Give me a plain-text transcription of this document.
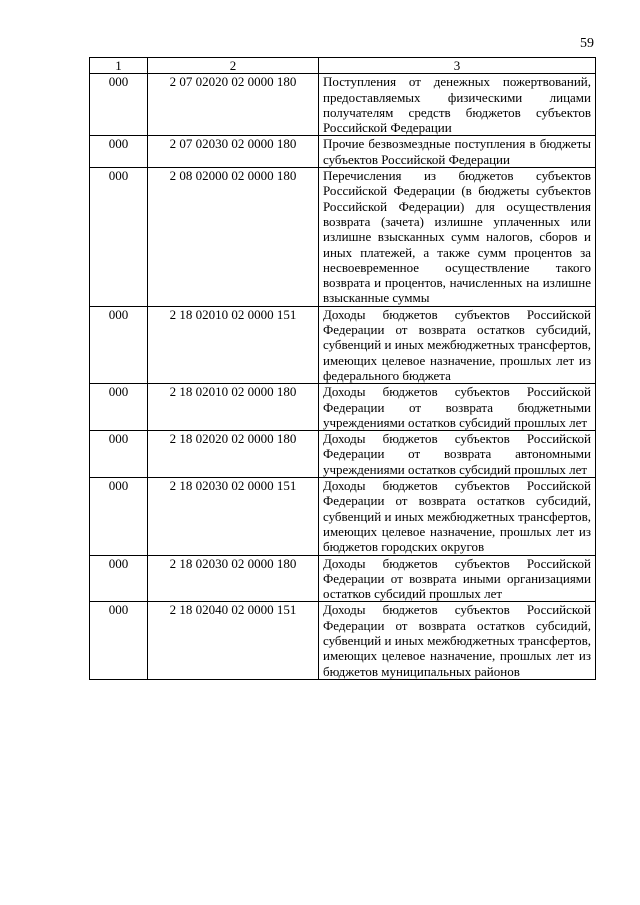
59
1	2	3
000	2 07 02020 02 0000 180	Поступления от денежных пожертвований, предоставляемых физическими лицами получателям средств бюджетов субъектов Российской Федерации
000	2 07 02030 02 0000 180	Прочие безвозмездные поступления в бюджеты субъектов Российской Федерации
000	2 08 02000 02 0000 180	Перечисления из бюджетов субъектов Российской Федерации (в бюджеты субъектов Российской Федерации) для осуществления возврата (зачета) излишне уплаченных или излишне взысканных сумм налогов, сборов и иных платежей, а также сумм процентов за несвоевременное осуществление такого возврата и процентов, начисленных на излишне взысканные суммы
000	2 18 02010 02 0000 151	Доходы бюджетов субъектов Российской Федерации от возврата остатков субсидий, субвенций и иных межбюджетных трансфертов, имеющих целевое назначение, прошлых лет из федерального бюджета
000	2 18 02010 02 0000 180	Доходы бюджетов субъектов Российской Федерации от возврата бюджетными учреждениями остатков субсидий прошлых лет
000	2 18 02020 02 0000 180	Доходы бюджетов субъектов Российской Федерации от возврата автономными учреждениями остатков субсидий прошлых лет
000	2 18 02030 02 0000 151	Доходы бюджетов субъектов Российской Федерации от возврата остатков субсидий, субвенций и иных межбюджетных трансфертов, имеющих целевое назначение, прошлых лет из бюджетов городских округов
000	2 18 02030 02 0000 180	Доходы бюджетов субъектов Российской Федерации от возврата иными организациями остатков субсидий прошлых лет
000	2 18 02040 02 0000 151	Доходы бюджетов субъектов Российской Федерации от возврата остатков субсидий, субвенций и иных межбюджетных трансфертов, имеющих целевое назначение, прошлых лет из бюджетов муниципальных районов
